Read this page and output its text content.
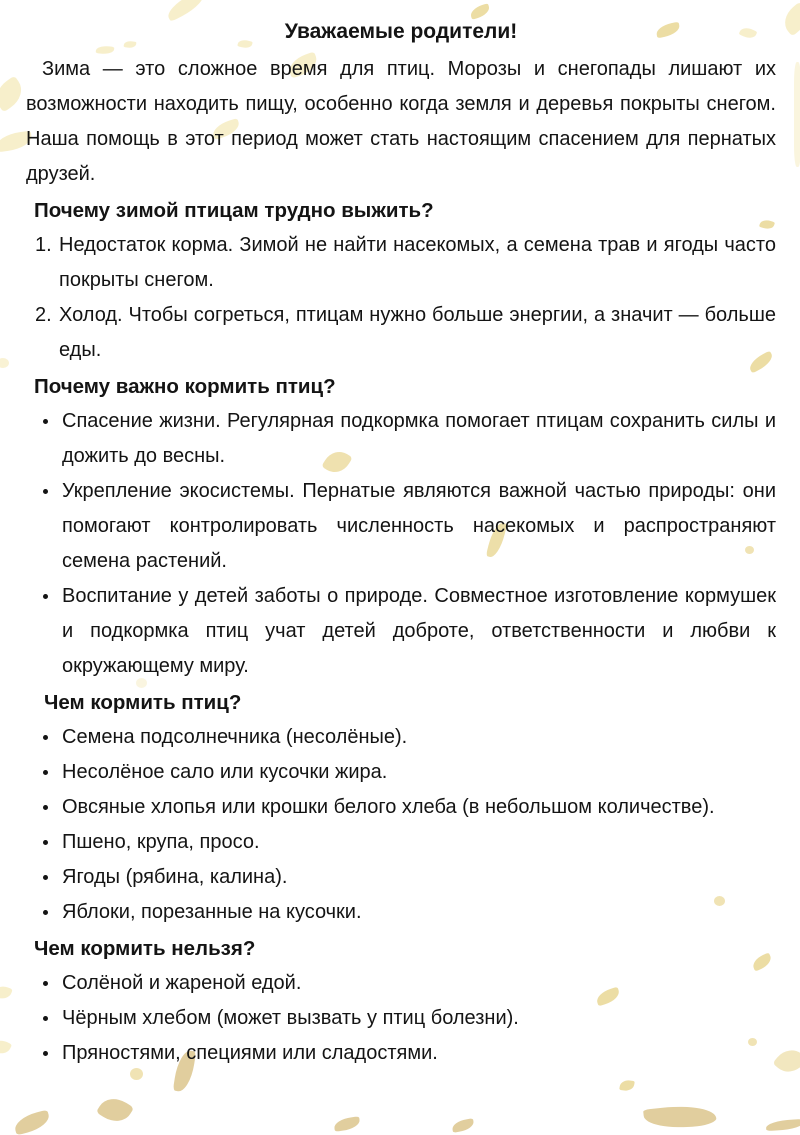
Уважаемые родители!

Зима — это сложное время для птиц. Морозы и снегопады лишают их возможности находить пищу, особенно когда земля и деревья покрыты снегом. Наша помощь в этот период может стать настоящим спасением для пернатых друзей.

Почему зимой птицам трудно выжить?
1. Недостаток корма. Зимой не найти насекомых, а семена трав и ягоды часто покрыты снегом.
2. Холод. Чтобы согреться, птицам нужно больше энергии, а значит — больше еды.
Почему важно кормить птиц?
Спасение жизни. Регулярная подкормка помогает птицам сохранить силы и дожить до весны.
Укрепление экосистемы. Пернатые являются важной частью природы: они помогают контролировать численность насекомых и распространяют семена растений.
Воспитание у детей заботы о природе. Совместное изготовление кормушек и подкормка птиц учат детей доброте, ответственности и любви к окружающему миру.
Чем кормить птиц?
Семена подсолнечника (несолёные).
Несолёное сало или кусочки жира.
Овсяные хлопья или крошки белого хлеба (в небольшом количестве).
Пшено, крупа, просо.
Ягоды (рябина, калина).
Яблоки, порезанные на кусочки.
Чем кормить нельзя?
Солёной и жареной едой.
Чёрным хлебом (может вызвать у птиц болезни).
Пряностями, специями или сладостями.
